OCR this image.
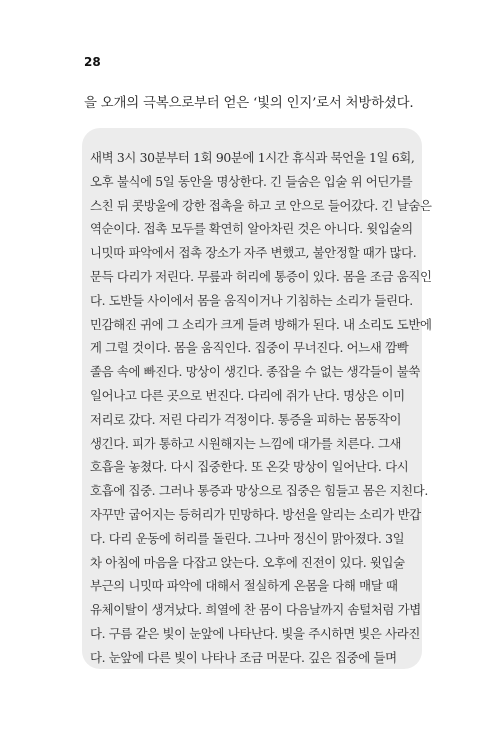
28
을 오개의 극복으로부터 얻은 ‘빛의 인지’로서 처방하셨다.
새벽 3시 30분부터 1회 90분에 1시간 휴식과 묵언을 1일 6회,
오후 불식에 5일 동안을 명상한다. 긴 들숨은 입술 위 어딘가를
스친 뒤 콧방울에 강한 접촉을 하고 코 안으로 들어갔다. 긴 날숨은
역순이다. 접촉 모두를 확연히 알아차린 것은 아니다. 윗입술의
니밋따 파악에서 접촉 장소가 자주 변했고, 불안정할 때가 많다.
문득 다리가 저린다. 무릎과 허리에 통증이 있다. 몸을 조금 움직인
다. 도반들 사이에서 몸을 움직이거나 기침하는 소리가 들린다.
민감해진 귀에 그 소리가 크게 들려 방해가 된다. 내 소리도 도반에
게 그럴 것이다. 몸을 움직인다. 집중이 무너진다. 어느새 깜빡
졸음 속에 빠진다. 망상이 생긴다. 종잡을 수 없는 생각들이 불쑥
일어나고 다른 곳으로 번진다. 다리에 쥐가 난다. 명상은 이미
저리로 갔다. 저린 다리가 걱정이다. 통증을 피하는 몸동작이
생긴다. 피가 통하고 시원해지는 느낌에 대가를 치른다. 그새
호흡을 놓쳤다. 다시 집중한다. 또 온갖 망상이 일어난다. 다시
호흡에 집중. 그러나 통증과 망상으로 집중은 힘들고 몸은 지친다.
자꾸만 굽어지는 등허리가 민망하다. 방선을 알리는 소리가 반갑
다. 다리 운동에 허리를 돌린다. 그나마 정신이 맑아졌다. 3일
차 아침에 마음을 다잡고 앉는다. 오후에 진전이 있다. 윗입술
부근의 니밋따 파악에 대해서 절실하게 온몸을 다해 매달 때
유체이탈이 생겨났다. 희열에 찬 몸이 다음날까지 솜털처럼 가볍
다. 구름 같은 빛이 눈앞에 나타난다. 빛을 주시하면 빛은 사라진
다. 눈앞에 다른 빛이 나타나 조금 머문다. 깊은 집중에 들며
